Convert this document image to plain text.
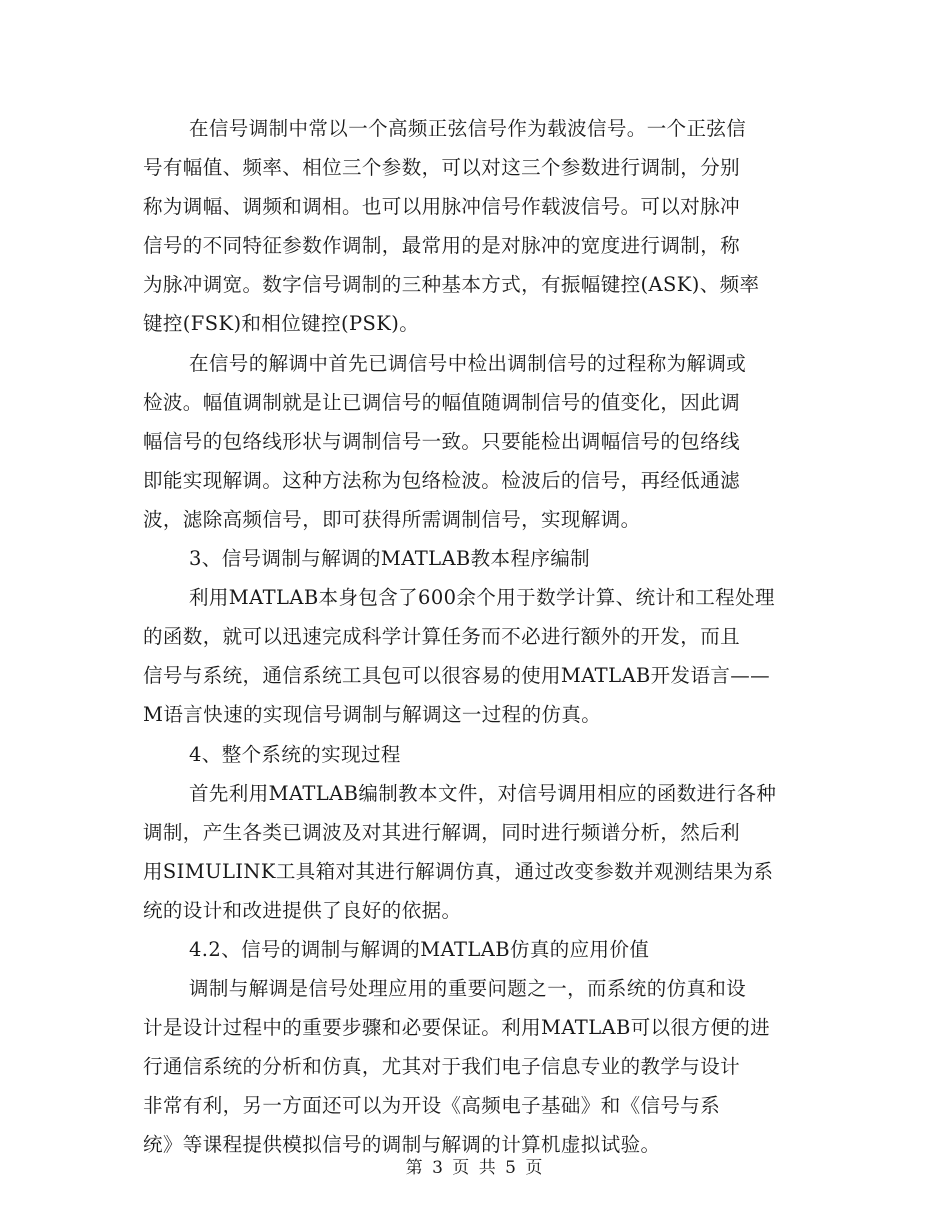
在信号调制中常以一个高频正弦信号作为载波信号。一个正弦信
号有幅值、频率、相位三个参数，可以对这三个参数进行调制，分别
称为调幅、调频和调相。也可以用脉冲信号作载波信号。可以对脉冲
信号的不同特征参数作调制，最常用的是对脉冲的宽度进行调制，称
为脉冲调宽。数字信号调制的三种基本方式，有振幅键控(ASK)、频率
键控(FSK)和相位键控(PSK)。
在信号的解调中首先已调信号中检出调制信号的过程称为解调或
检波。幅值调制就是让已调信号的幅值随调制信号的值变化，因此调
幅信号的包络线形状与调制信号一致。只要能检出调幅信号的包络线
即能实现解调。这种方法称为包络检波。检波后的信号，再经低通滤
波，滤除高频信号，即可获得所需调制信号，实现解调。
3、信号调制与解调的MATLAB教本程序编制
利用MATLAB本身包含了600余个用于数学计算、统计和工程处理
的函数，就可以迅速完成科学计算任务而不必进行额外的开发，而且
信号与系统，通信系统工具包可以很容易的使用MATLAB开发语言——
M语言快速的实现信号调制与解调这一过程的仿真。
4、整个系统的实现过程
首先利用MATLAB编制教本文件，对信号调用相应的函数进行各种
调制，产生各类已调波及对其进行解调，同时进行频谱分析，然后利
用SIMULINK工具箱对其进行解调仿真，通过改变参数并观测结果为系
统的设计和改进提供了良好的依据。
4.2、信号的调制与解调的MATLAB仿真的应用价值
调制与解调是信号处理应用的重要问题之一，而系统的仿真和设
计是设计过程中的重要步骤和必要保证。利用MATLAB可以很方便的进
行通信系统的分析和仿真，尤其对于我们电子信息专业的教学与设计
非常有利，另一方面还可以为开设《高频电子基础》和《信号与系
统》等课程提供模拟信号的调制与解调的计算机虚拟试验。
第 3 页 共 5 页
